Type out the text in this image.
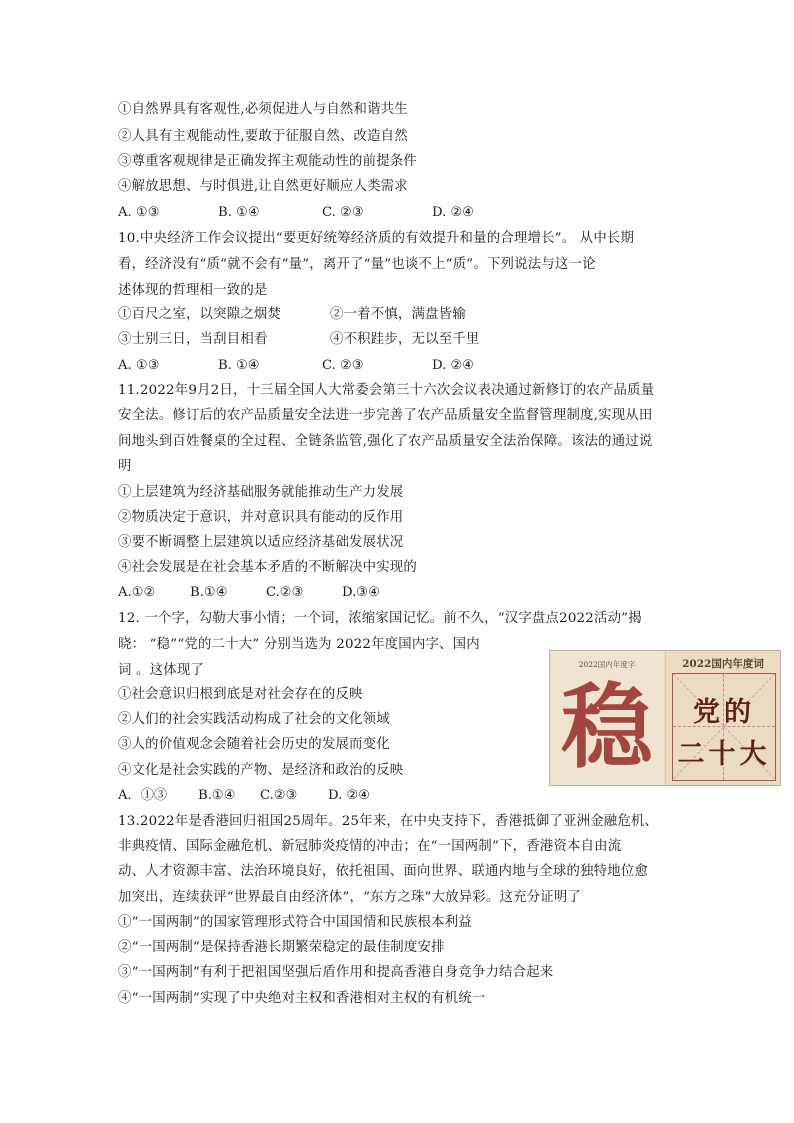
①自然界具有客观性,必须促进人与自然和谐共生
②人具有主观能动性,要敢于征服自然、改造自然
③尊重客观规律是正确发挥主观能动性的前提条件
④解放思想、与时俱进,让自然更好顺应人类需求
A. ①③	B. ①④	C. ②③	D. ②④
10.中央经济工作会议提出“要更好统筹经济质的有效提升和量的合理增长”。 从中长期
看，经济没有“质”就不会有“量”，离开了“量”也谈不上“质”。下列说法与这一论
述体现的哲理相一致的是
①百尺之室，以突隙之烟焚	②一着不慎，满盘皆输
③士别三日，当刮目相看	④不积跬步，无以至千里
A. ①③	B. ①④	C. ②③	D. ②④
11.2022年9月2日，十三届全国人大常委会第三十六次会议表决通过新修订的农产品质量
安全法。修订后的农产品质量安全法进一步完善了农产品质量安全监督管理制度,实现从田
间地头到百姓餐桌的全过程、全链条监管,强化了农产品质量安全法治保障。该法的通过说
明
①上层建筑为经济基础服务就能推动生产力发展
②物质决定于意识，并对意识具有能动的反作用
③要不断调整上层建筑以适应经济基础发展状况
④社会发展是在社会基本矛盾的不断解决中实现的
A.①②	B.①④	C.②③	D.③④
12. 一个字，勾勒大事小情；一个词，浓缩家国记忆。前不久，“汉字盘点2022活动”揭
晓： “稳”“党的二十大” 分别当选为 2022年度国内字、国内
词 。这体现了
①社会意识归根到底是对社会存在的反映
②人们的社会实践活动构成了社会的文化领域
③人的价值观念会随着社会历史的发展而变化
④文化是社会实践的产物、是经济和政治的反映
A．①③ B.①④ C.②③ D. ②④
2022国内年度字
稳
2022国内年度词
党的
二十大
13.2022年是香港回归祖国25周年。25年来，在中央支持下，香港抵御了亚洲金融危机、
非典疫情、国际金融危机、新冠肺炎疫情的冲击；在“一国两制”下，香港资本自由流
动、人才资源丰富、法治环境良好，依托祖国、面向世界、联通内地与全球的独特地位愈
加突出，连续获评“世界最自由经济体”，“东方之珠”大放异彩。这充分证明了
①“一国两制”的国家管理形式符合中国国情和民族根本利益
②“一国两制”是保持香港长期繁荣稳定的最佳制度安排
③“一国两制”有利于把祖国坚强后盾作用和提高香港自身竞争力结合起来
④“一国两制”实现了中央绝对主权和香港相对主权的有机统一
